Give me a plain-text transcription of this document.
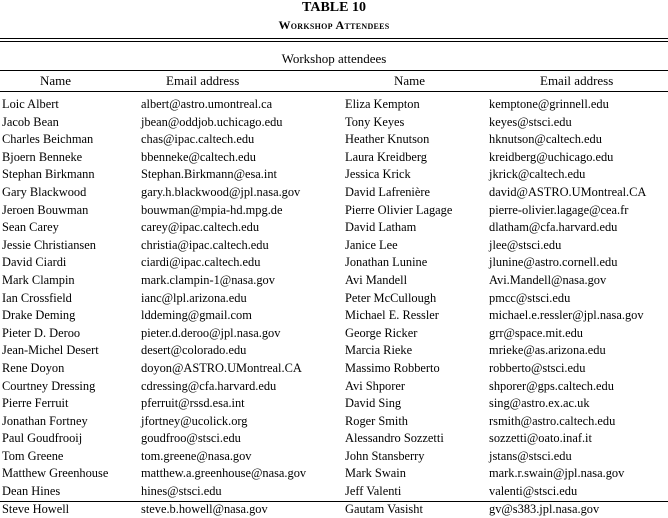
TABLE 10
Workshop Attendees
Workshop attendees
Name	Email address	Name	Email address
Loic Albert	albert@astro.umontreal.ca	Eliza Kempton	kemptone@grinnell.edu
Jacob Bean	jbean@oddjob.uchicago.edu	Tony Keyes	keyes@stsci.edu
Charles Beichman	chas@ipac.caltech.edu	Heather Knutson	hknutson@caltech.edu
Bjoern Benneke	bbenneke@caltech.edu	Laura Kreidberg	kreidberg@uchicago.edu
Stephan Birkmann	Stephan.Birkmann@esa.int	Jessica Krick	jkrick@caltech.edu
Gary Blackwood	gary.h.blackwood@jpl.nasa.gov	David Lafrenière	david@ASTRO.UMontreal.CA
Jeroen Bouwman	bouwman@mpia-hd.mpg.de	Pierre Olivier Lagage	pierre-olivier.lagage@cea.fr
Sean Carey	carey@ipac.caltech.edu	David Latham	dlatham@cfa.harvard.edu
Jessie Christiansen	christia@ipac.caltech.edu	Janice Lee	jlee@stsci.edu
David Ciardi	ciardi@ipac.caltech.edu	Jonathan Lunine	jlunine@astro.cornell.edu
Mark Clampin	mark.clampin-1@nasa.gov	Avi Mandell	Avi.Mandell@nasa.gov
Ian Crossfield	ianc@lpl.arizona.edu	Peter McCullough	pmcc@stsci.edu
Drake Deming	lddeming@gmail.com	Michael E. Ressler	michael.e.ressler@jpl.nasa.gov
Pieter D. Deroo	pieter.d.deroo@jpl.nasa.gov	George Ricker	grr@space.mit.edu
Jean-Michel Desert	desert@colorado.edu	Marcia Rieke	mrieke@as.arizona.edu
Rene Doyon	doyon@ASTRO.UMontreal.CA	Massimo Robberto	robberto@stsci.edu
Courtney Dressing	cdressing@cfa.harvard.edu	Avi Shporer	shporer@gps.caltech.edu
Pierre Ferruit	pferruit@rssd.esa.int	David Sing	sing@astro.ex.ac.uk
Jonathan Fortney	jfortney@ucolick.org	Roger Smith	rsmith@astro.caltech.edu
Paul Goudfrooij	goudfroo@stsci.edu	Alessandro Sozzetti	sozzetti@oato.inaf.it
Tom Greene	tom.greene@nasa.gov	John Stansberry	jstans@stsci.edu
Matthew Greenhouse	matthew.a.greenhouse@nasa.gov	Mark Swain	mark.r.swain@jpl.nasa.gov
Dean Hines	hines@stsci.edu	Jeff Valenti	valenti@stsci.edu
Steve Howell	steve.b.howell@nasa.gov	Gautam Vasisht	gv@s383.jpl.nasa.gov
